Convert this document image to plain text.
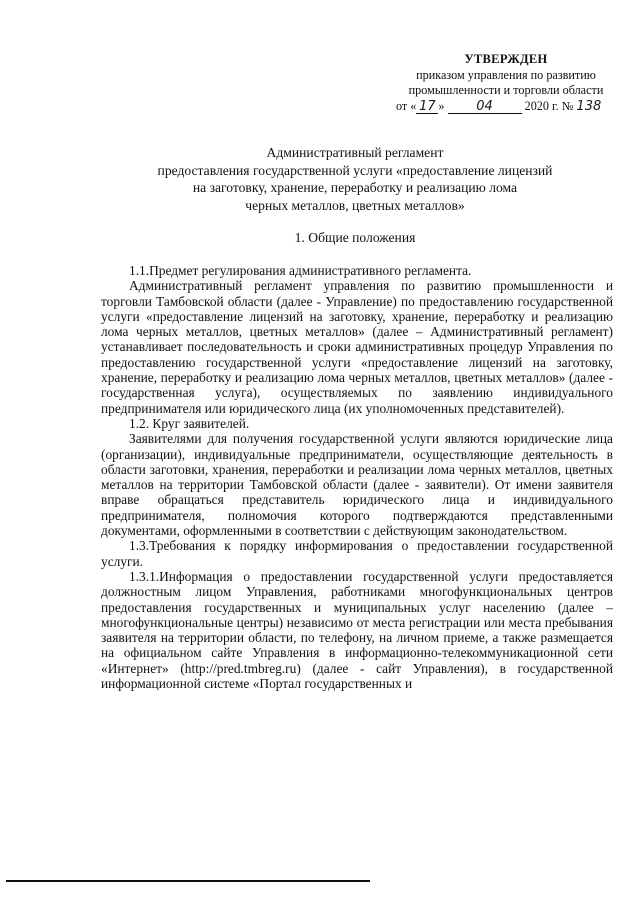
УТВЕРЖДЕН
приказом управления по развитию
промышленности и торговли области
от « 17 » 04	2020 г. № 138
Административный регламент
предоставления государственной услуги «предоставление лицензий
на заготовку, хранение, переработку и реализацию лома
черных металлов, цветных металлов»
1. Общие положения

1.1.Предмет регулирования административного регламента.

Административный регламент управления по развитию промышленности и торговли Тамбовской области (далее - Управление) по предоставлению государственной услуги «предоставление лицензий на заготовку, хранение, переработку и реализацию лома черных металлов, цветных металлов» (далее – Административный регламент) устанавливает последовательность и сроки административных процедур Управления по предоставлению государственной услуги «предоставление лицензий на заготовку, хранение, переработку и реализацию лома черных металлов, цветных металлов» (далее - государственная услуга), осуществляемых по заявлению индивидуального предпринимателя или юридического лица (их уполномоченных представителей).

1.2. Круг заявителей.

Заявителями для получения государственной услуги являются юридические лица (организации), индивидуальные предприниматели, осуществляющие деятельность в области заготовки, хранения, переработки и реализации лома черных металлов, цветных металлов на территории Тамбовской области (далее - заявители). От имени заявителя вправе обращаться представитель юридического лица и индивидуального предпринимателя, полномочия которого подтверждаются представленными документами, оформленными в соответствии с действующим законодательством.

1.3.Требования к порядку информирования о предоставлении государственной услуги.

1.3.1.Информация о предоставлении государственной услуги предоставляется должностным лицом Управления, работниками многофункциональных центров предоставления государственных и муниципальных услуг населению (далее – многофункциональные центры) независимо от места регистрации или места пребывания заявителя на территории области, по телефону, на личном приеме, а также размещается на официальном сайте Управления в информационно-телекоммуникационной сети «Интернет» (http://pred.tmbreg.ru) (далее - сайт Управления), в государственной информационной системе «Портал государственных и
